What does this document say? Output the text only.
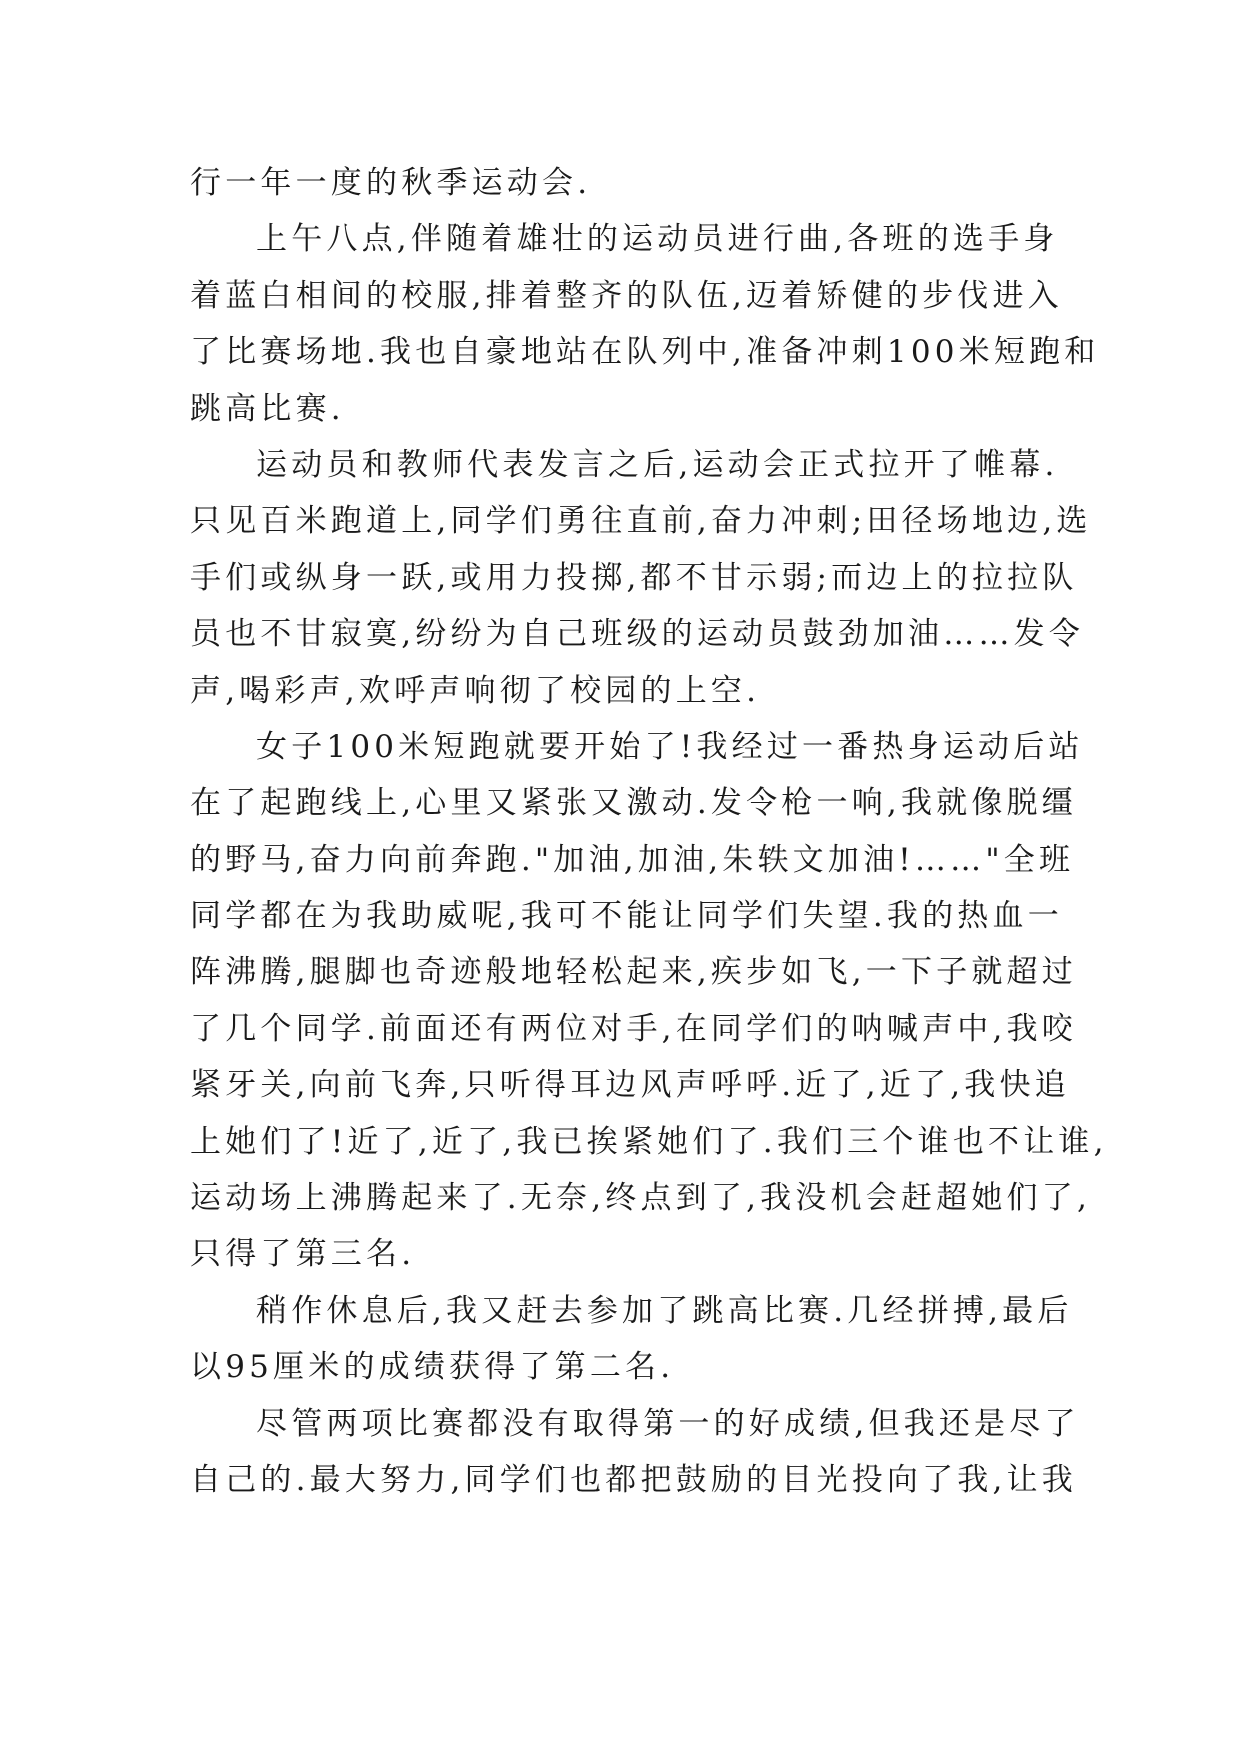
行一年一度的秋季运动会.
上午八点,伴随着雄壮的运动员进行曲,各班的选手身
着蓝白相间的校服,排着整齐的队伍,迈着矫健的步伐进入
了比赛场地.我也自豪地站在队列中,准备冲刺100米短跑和
跳高比赛.
运动员和教师代表发言之后,运动会正式拉开了帷幕.
只见百米跑道上,同学们勇往直前,奋力冲刺;田径场地边,选
手们或纵身一跃,或用力投掷,都不甘示弱;而边上的拉拉队
员也不甘寂寞,纷纷为自己班级的运动员鼓劲加油……发令
声,喝彩声,欢呼声响彻了校园的上空.
女子100米短跑就要开始了!我经过一番热身运动后站
在了起跑线上,心里又紧张又激动.发令枪一响,我就像脱缰
的野马,奋力向前奔跑."加油,加油,朱轶文加油!……"全班
同学都在为我助威呢,我可不能让同学们失望.我的热血一
阵沸腾,腿脚也奇迹般地轻松起来,疾步如飞,一下子就超过
了几个同学.前面还有两位对手,在同学们的呐喊声中,我咬
紧牙关,向前飞奔,只听得耳边风声呼呼.近了,近了,我快追
上她们了!近了,近了,我已挨紧她们了.我们三个谁也不让谁,
运动场上沸腾起来了.无奈,终点到了,我没机会赶超她们了,
只得了第三名.
稍作休息后,我又赶去参加了跳高比赛.几经拼搏,最后
以95厘米的成绩获得了第二名.
尽管两项比赛都没有取得第一的好成绩,但我还是尽了
自己的.最大努力,同学们也都把鼓励的目光投向了我,让我
